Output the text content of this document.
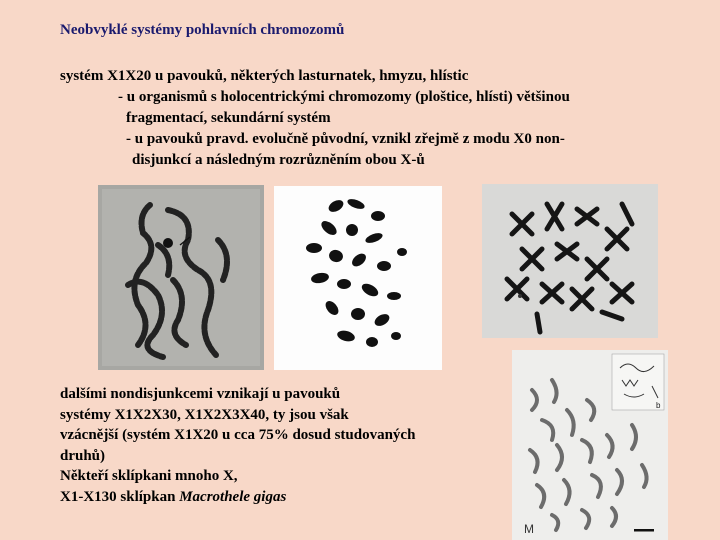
Neobvyklé systémy pohlavních chromozomů
systém X1X20 u pavouků, některých lasturnatek, hmyzu, hlístic
- u organismů s holocentrickými chromozomy (ploštice, hlísti) většinou
fragmentací, sekundární systém
- u pavouků pravd. evolučně původní, vznikl zřejmě z modu X0 non-
disjunkcí a následným rozrůzněním obou X-ů
b
M
dalšími nondisjunkcemi vznikají u pavouků
systémy X1X2X30, X1X2X3X40, ty jsou však
vzácnější (systém X1X20 u cca 75% dosud studovaných
druhů)
Někteří sklípkani mnoho X,
X1-X130 sklípkan Macrothele gigas
